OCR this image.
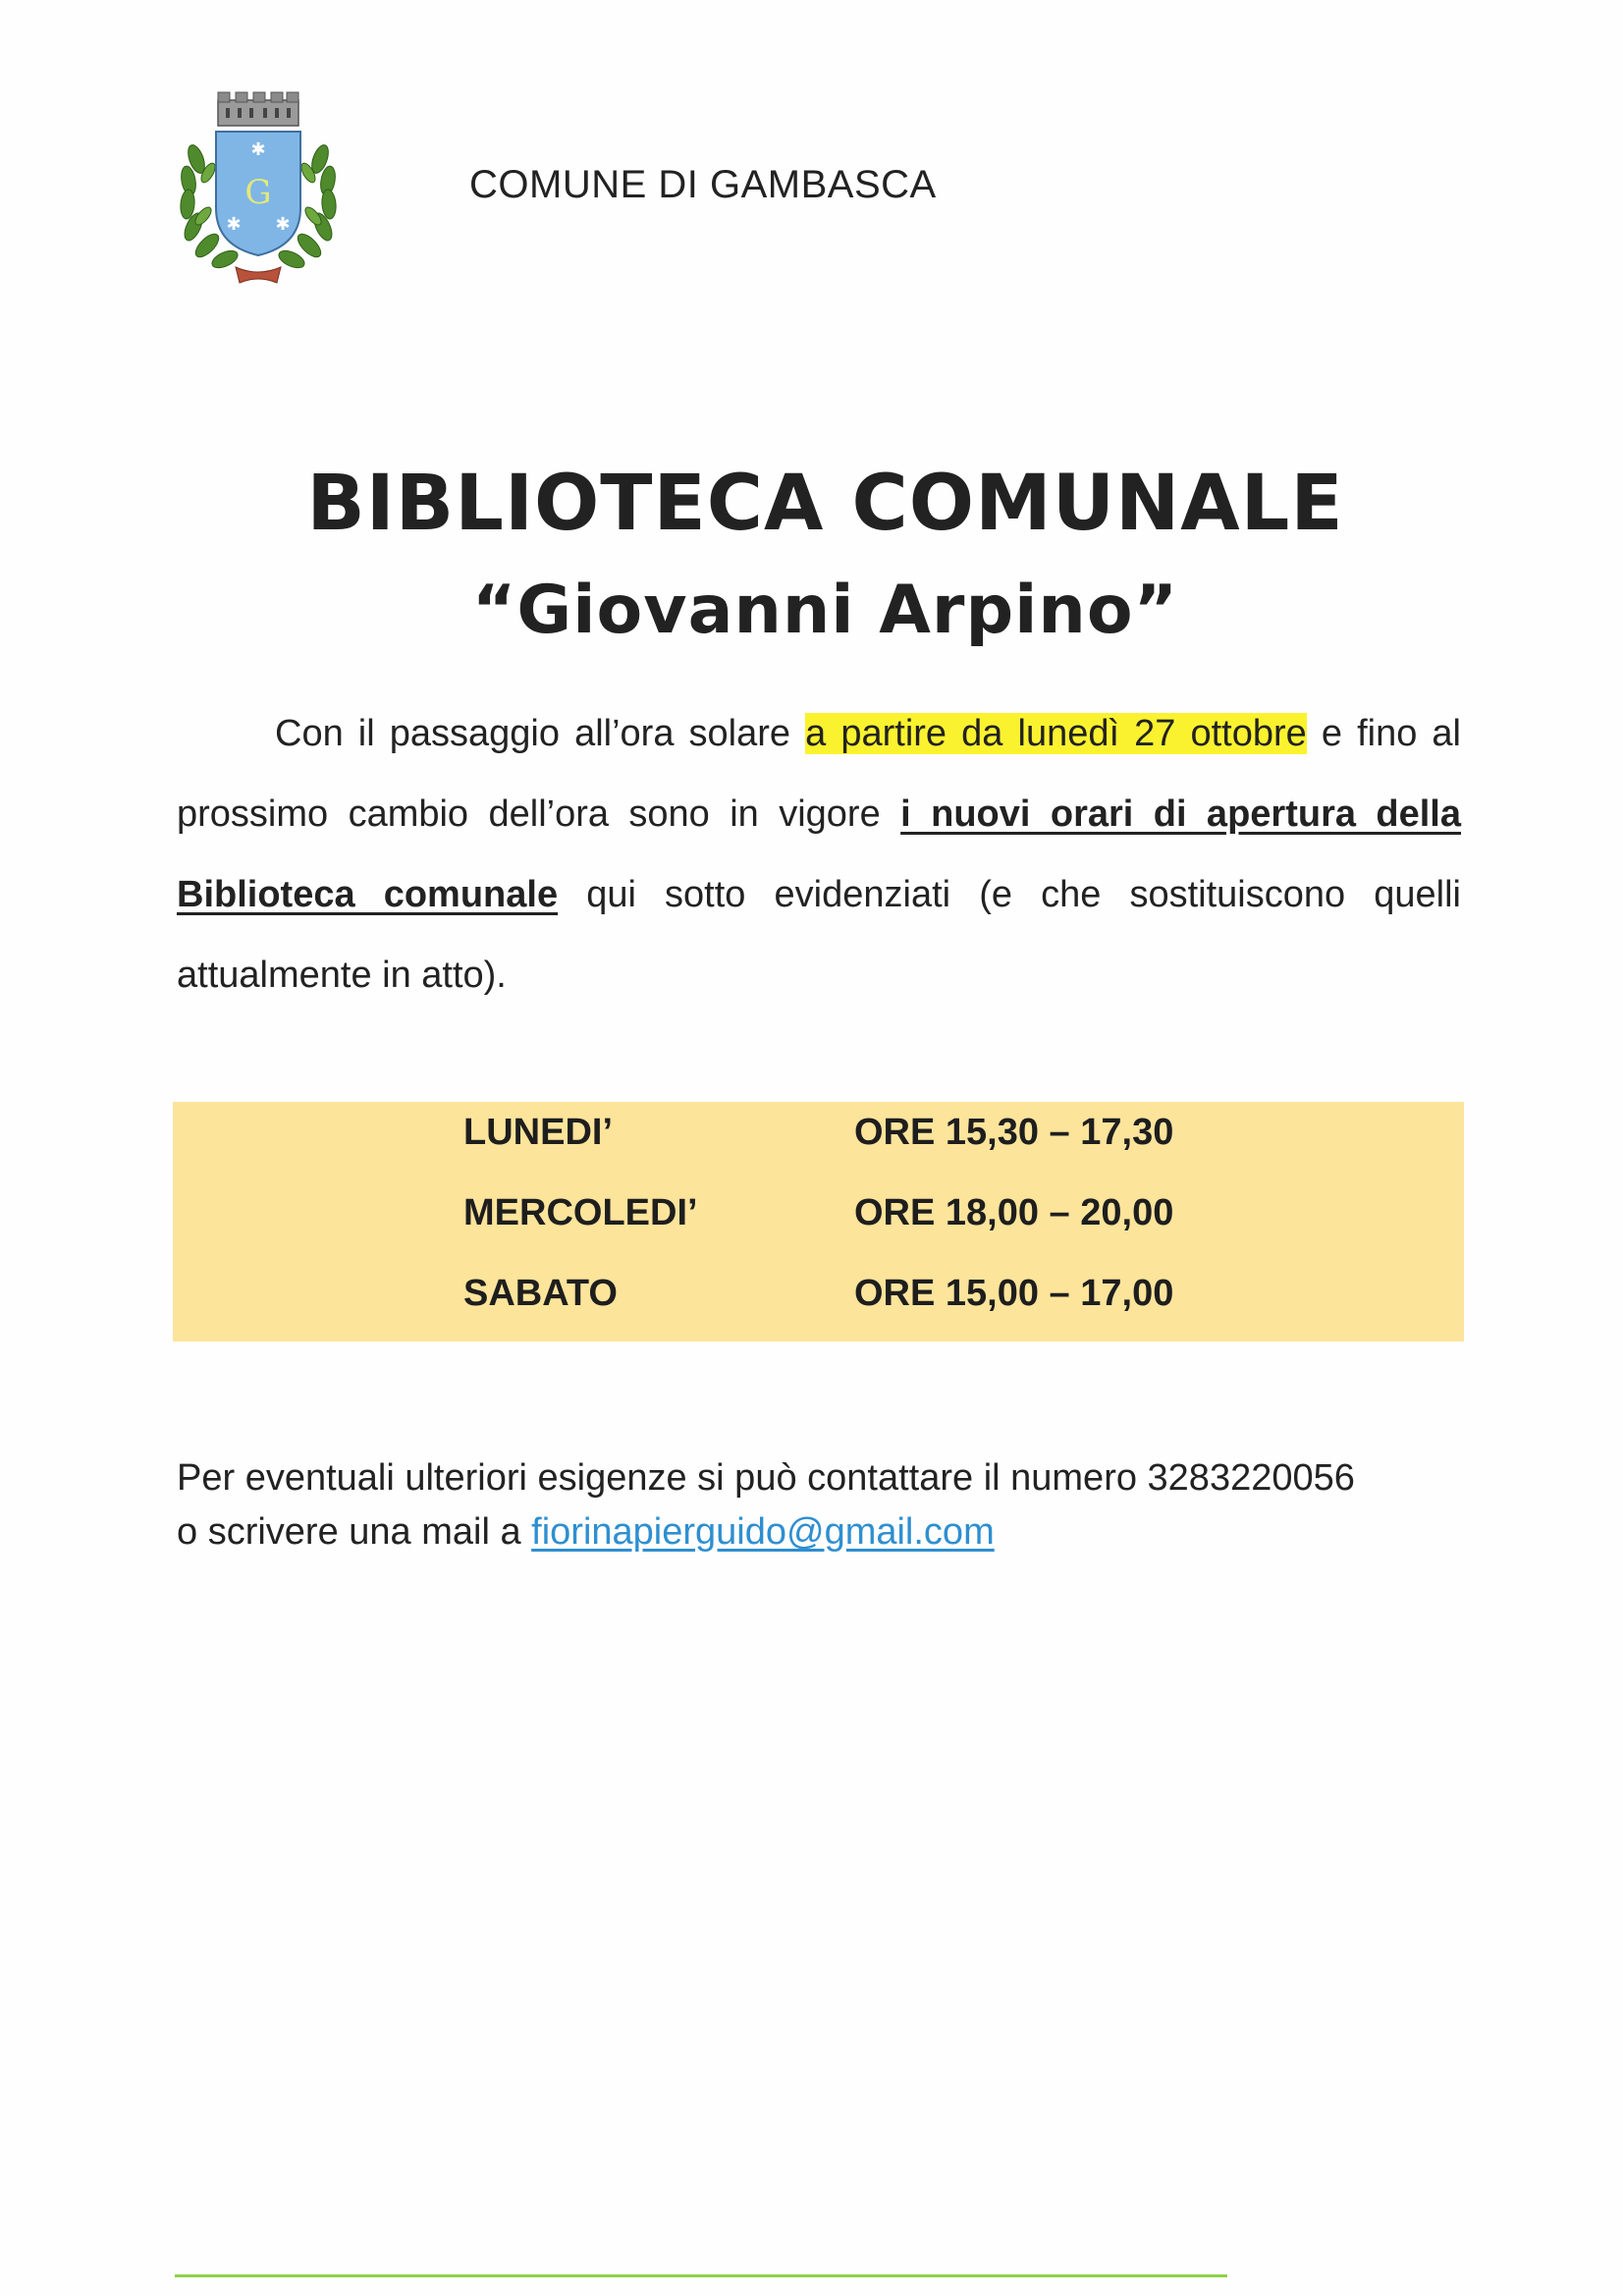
✱
✱ ✱
G	COMUNE DI GAMBASCA
BIBLIOTECA COMUNALE
“Giovanni Arpino”
Con il passaggio all’ora solare a partire da lunedì 27 ottobre e fino al prossimo cambio dell’ora sono in vigore i nuovi orari di apertura della Biblioteca comunale qui sotto evidenziati (e che sostituiscono quelli attualmente in atto).
LUNEDI’	ORE 15,30 – 17,30
MERCOLEDI’	ORE 18,00 – 20,00
SABATO	ORE 15,00 – 17,00
Per eventuali ulteriori esigenze si può contattare il numero 3283220056
o scrivere una mail a fiorinapierguido@gmail.com
